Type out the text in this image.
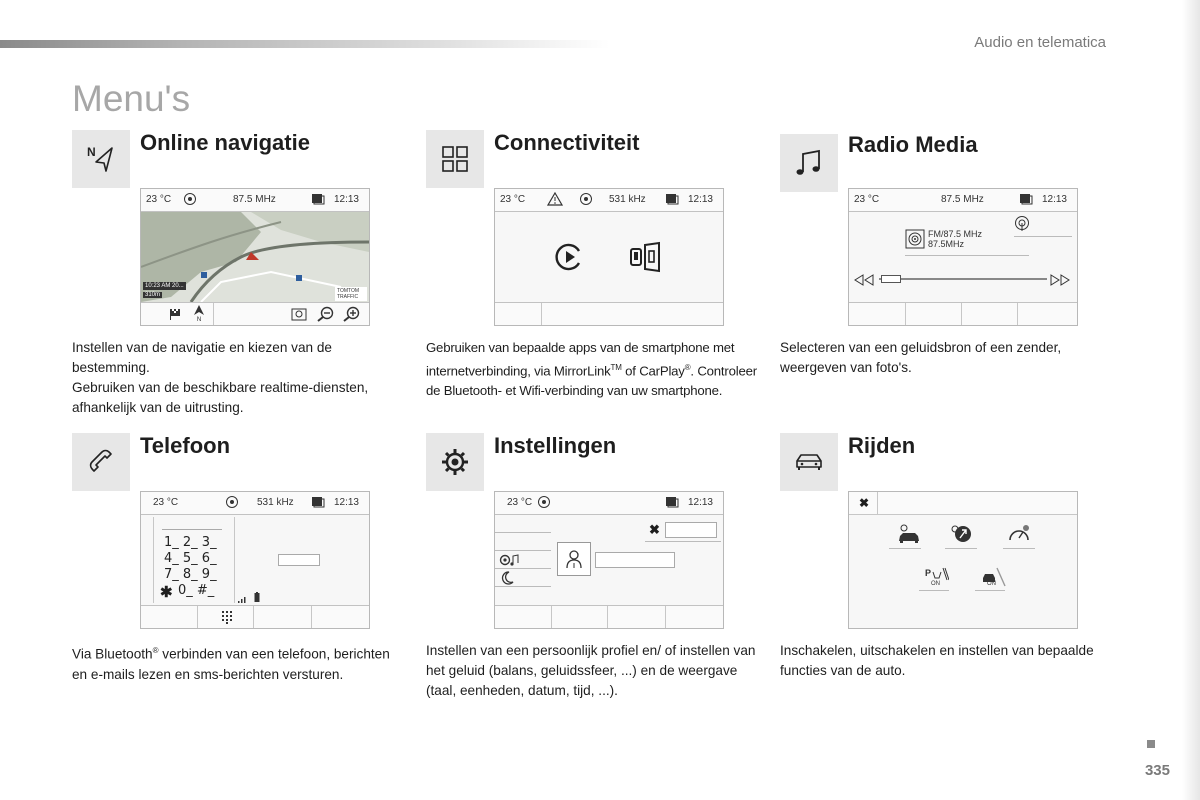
Audio en telematica
Menu's
N Online navigatie
23 °C	87.5 MHz	12:13
10:23 AM 20...
310m
TOMTOM TRAFFIC
N
Instellen van de navigatie en kiezen van de bestemming.
Gebruiken van de beschikbare realtime-diensten, afhankelijk van de uitrusting.
Connectiviteit
23 °C	531 kHz	12:13
Gebruiken van bepaalde apps van de smartphone met internetverbinding, via MirrorLink™ of CarPlay®. Controleer de Bluetooth- et Wifi-verbinding van uw smartphone.
Radio Media
23 °C	87.5 MHz	12:13
FM/87.5 MHz
87.5MHz
Selecteren van een geluidsbron of een zender, weergeven van foto's.
Telefoon
23 °C	531 kHz	12:13
1_ 2_ 3_
4_ 5_ 6_
7_ 8_ 9_
✱ 0_ #_
Via Bluetooth® verbinden van een telefoon, berichten en e-mails lezen en sms-berichten versturen.
Instellingen
23 °C	12:13
✖
Instellen van een persoonlijk profiel en/ of instellen van het geluid (balans, geluidssfeer, ...) en de weergave (taal, eenheden, datum, tijd, ...).
Rijden
✖
P
ON	ON
Inschakelen, uitschakelen en instellen van bepaalde functies van de auto.
335
